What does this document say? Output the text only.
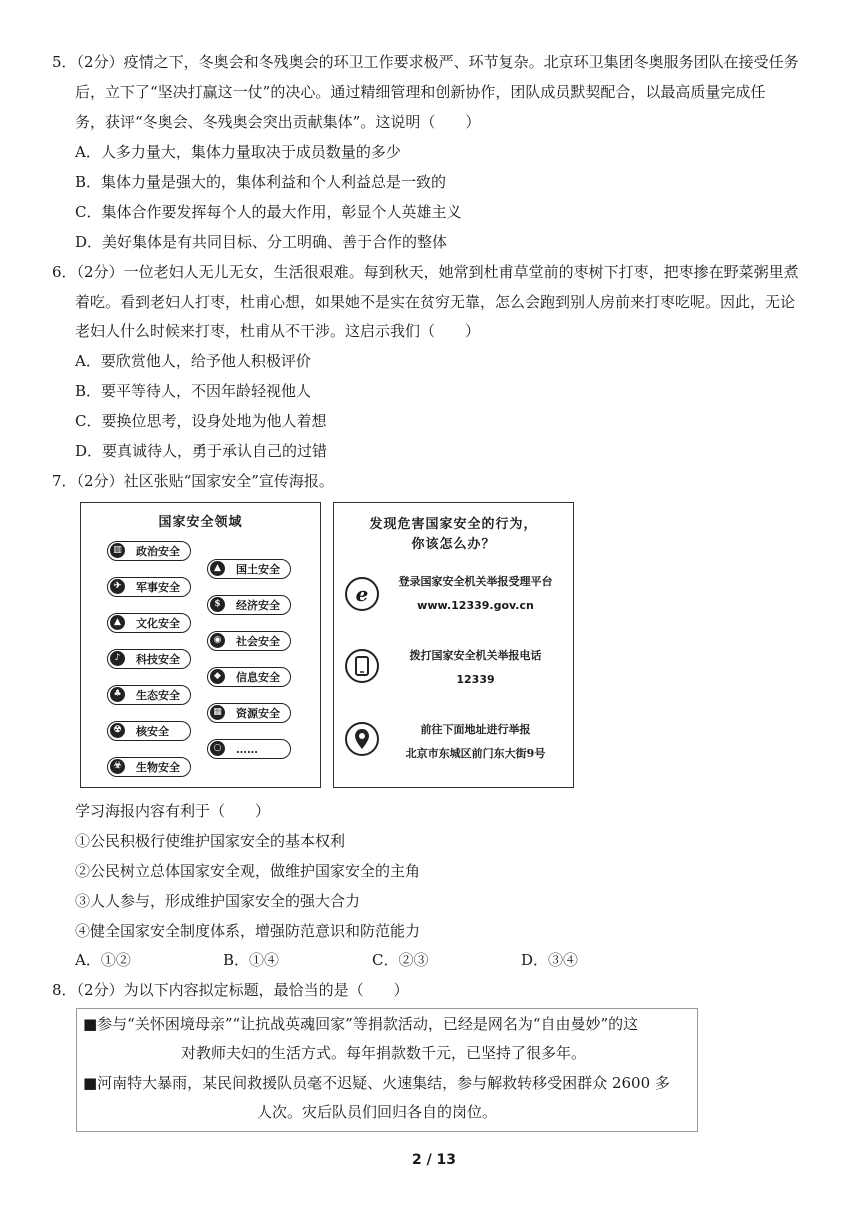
5．（2分）疫情之下，冬奥会和冬残奥会的环卫工作要求极严、环节复杂。北京环卫集团冬奥服务团队在接受任务
后，立下了“坚决打赢这一仗”的决心。通过精细管理和创新协作，团队成员默契配合，以最高质量完成任
务，获评“冬奥会、冬残奥会突出贡献集体”。这说明（　　）
A．人多力量大，集体力量取决于成员数量的多少
B．集体力量是强大的，集体利益和个人利益总是一致的
C．集体合作要发挥每个人的最大作用，彰显个人英雄主义
D．美好集体是有共同目标、分工明确、善于合作的整体
6．（2分）一位老妇人无儿无女，生活很艰难。每到秋天，她常到杜甫草堂前的枣树下打枣，把枣掺在野菜粥里煮
着吃。看到老妇人打枣，杜甫心想，如果她不是实在贫穷无靠，怎么会跑到别人房前来打枣吃呢。因此，无论
老妇人什么时候来打枣，杜甫从不干涉。这启示我们（　　）
A．要欣赏他人，给予他人积极评价
B．要平等待人，不因年龄轻视他人
C．要换位思考，设身处地为他人着想
D．要真诚待人，勇于承认自己的过错
7．（2分）社区张贴“国家安全”宣传海报。
国家安全领域
▥ 政治安全
✈	军事安全
▲	文化安全
♪	科技安全
♣	生态安全
☢	核安全
☣	生物安全
▲	国土安全
$	经济安全
◉	社会安全
◆	信息安全
▦ 资源安全
○	……
发现危害国家安全的行为，
你该怎么办？
e
登录国家安全机关举报受理平台
www.12339.gov.cn
拨打国家安全机关举报电话
12339
前往下面地址进行举报
北京市东城区前门东大街9号
学习海报内容有利于（　　）
①公民积极行使维护国家安全的基本权利
②公民树立总体国家安全观，做维护国家安全的主角
③人人参与，形成维护国家安全的强大合力
④健全国家安全制度体系，增强防范意识和防范能力
A．①②	B．①④	C．②③	D．③④
8．（2分）为以下内容拟定标题，最恰当的是（　　）
■参与“关怀困境母亲”“让抗战英魂回家”等捐款活动，已经是网名为“自由曼妙”的这
对教师夫妇的生活方式。每年捐款数千元，已坚持了很多年。
■河南特大暴雨，某民间救援队员毫不迟疑、火速集结，参与解救转移受困群众 2600 多
人次。灾后队员们回归各自的岗位。
2 / 13
